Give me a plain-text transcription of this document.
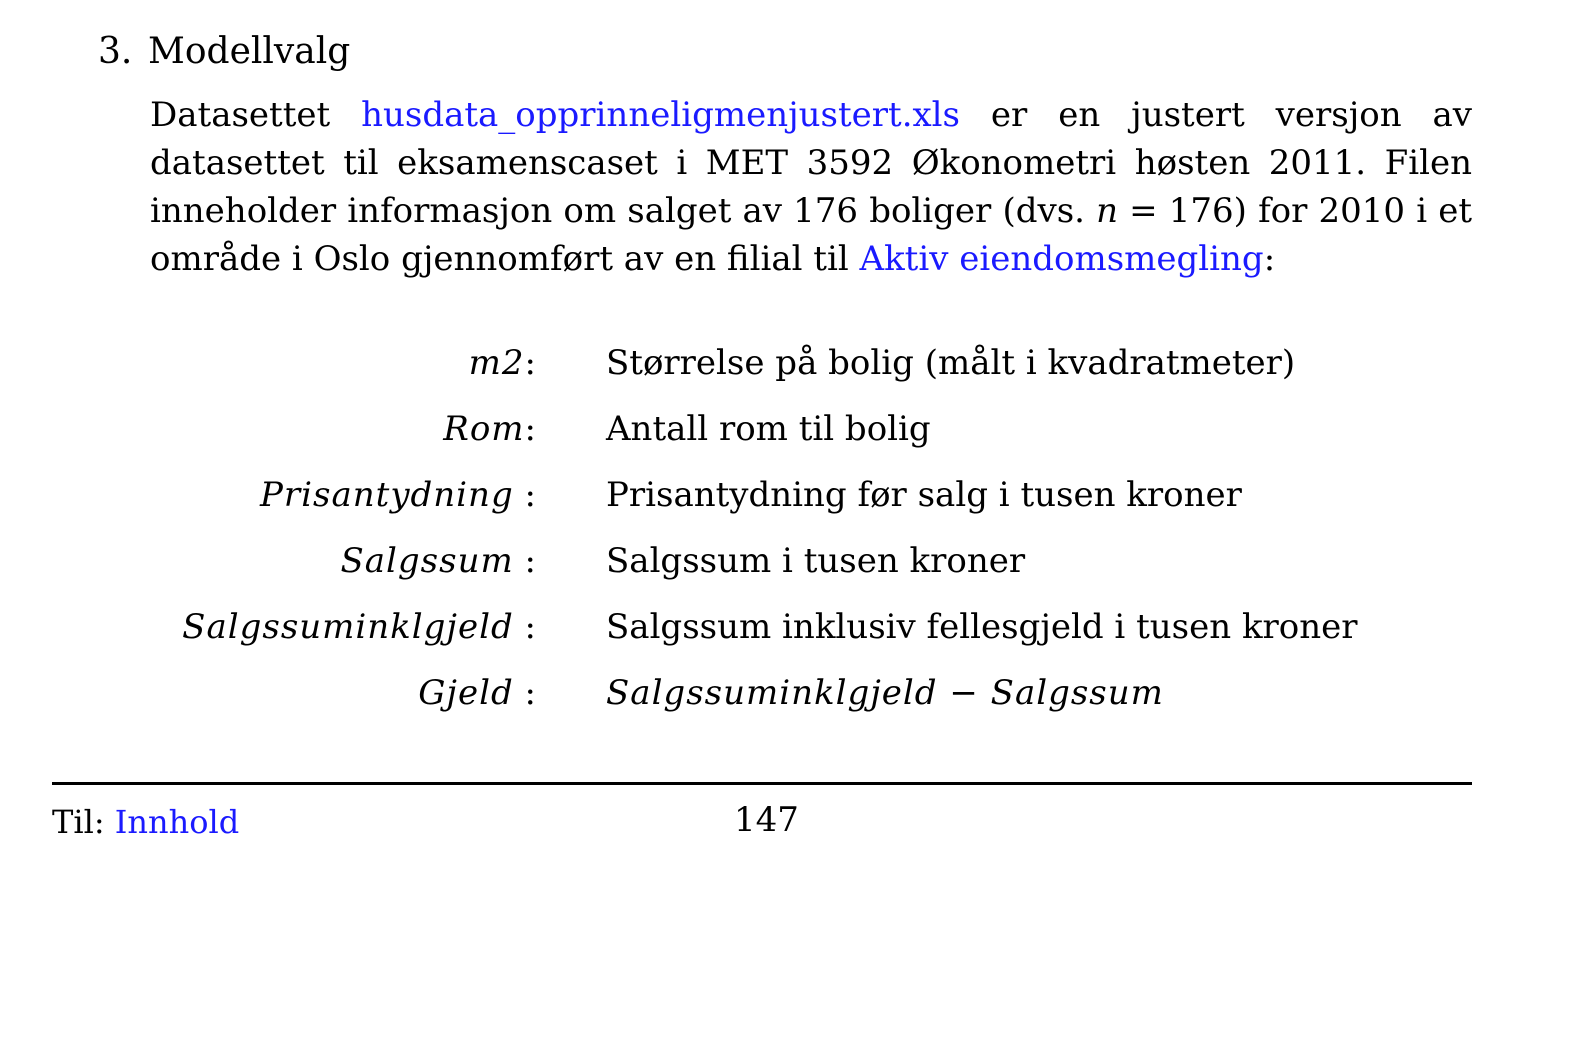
3. Modellvalg
Datasettet husdata_opprinneligmenjustert.xls er en justert versjon av datasettet til eksamenscaset i MET 3592 Økonometri høsten 2011. Filen inneholder informasjon om salget av 176 boliger (dvs. n = 176) for 2010 i et område i Oslo gjennomført av en filial til Aktiv eiendomsmegling:
m2: Størrelse på bolig (målt i kvadratmeter)
Rom: Antall rom til bolig
Prisantydning : Prisantydning før salg i tusen kroner
Salgssum : Salgssum i tusen kroner
Salgssuminklgjeld : Salgssum inklusiv fellesgjeld i tusen kroner
Gjeld : Salgssuminklgjeld − Salgssum
Til: Innhold	147
